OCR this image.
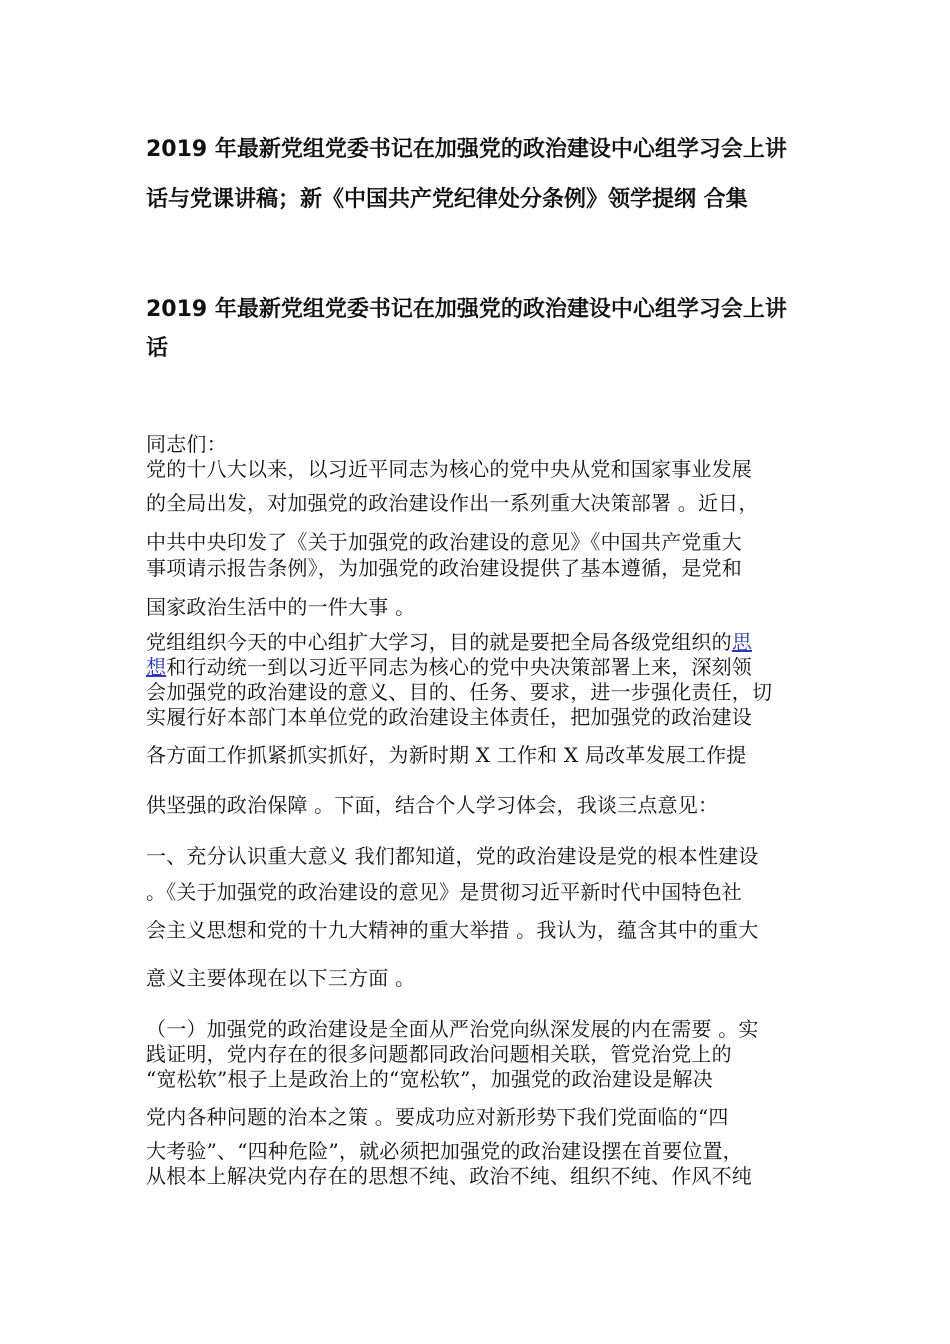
2019 年最新党组党委书记在加强党的政治建设中心组学习会上讲
话与党课讲稿；新《中国共产党纪律处分条例》领学提纲 合集
2019 年最新党组党委书记在加强党的政治建设中心组学习会上讲
话

同志们：

党的十八大以来，以习近平同志为核心的党中央从党和国家事业发展

的全局出发，对加强党的政治建设作出一系列重大决策部署 。近日，

中共中央印发了《关于加强党的政治建设的意见》《中国共产党重大

事项请示报告条例》，为加强党的政治建设提供了基本遵循，是党和

国家政治生活中的一件大事 。

党组组织今天的中心组扩大学习，目的就是要把全局各级党组织的思

想和行动统一到以习近平同志为核心的党中央决策部署上来，深刻领

会加强党的政治建设的意义、目的、任务、要求，进一步强化责任，切

实履行好本部门本单位党的政治建设主体责任，把加强党的政治建设

各方面工作抓紧抓实抓好，为新时期 X 工作和 X 局改革发展工作提

供坚强的政治保障 。下面，结合个人学习体会，我谈三点意见：

一、充分认识重大意义 我们都知道，党的政治建设是党的根本性建设

。《关于加强党的政治建设的意见》是贯彻习近平新时代中国特色社

会主义思想和党的十九大精神的重大举措 。我认为，蕴含其中的重大

意义主要体现在以下三方面 。

（一）加强党的政治建设是全面从严治党向纵深发展的内在需要 。实

践证明，党内存在的很多问题都同政治问题相关联，管党治党上的

“宽松软”根子上是政治上的“宽松软”，加强党的政治建设是解决

党内各种问题的治本之策 。要成功应对新形势下我们党面临的“四

大考验”、“四种危险”，就必须把加强党的政治建设摆在首要位置，

从根本上解决党内存在的思想不纯、政治不纯、组织不纯、作风不纯
